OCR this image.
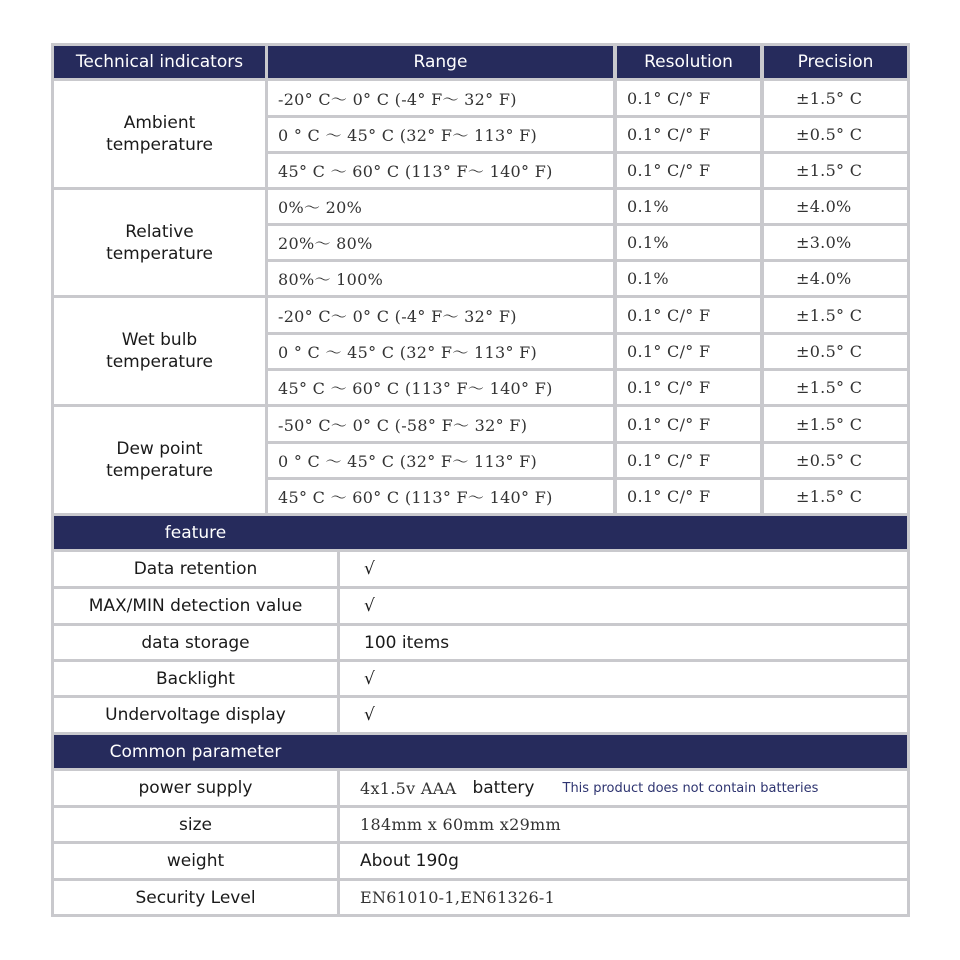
Technical indicators	Range	Resolution	Precision
Ambient
temperature
-20° C～ 0° C (-4° F～ 32° F)	0.1° C/° F	±1.5° C
0 ° C ～ 45° C (32° F～ 113° F)	0.1° C/° F	±0.5° C
45° C ～ 60° C (113° F～ 140° F)	0.1° C/° F	±1.5° C
Relative
temperature
0%～ 20%	0.1%	±4.0%
20%～ 80%	0.1%	±3.0%
80%～ 100%	0.1%	±4.0%
Wet bulb
temperature
-20° C～ 0° C (-4° F～ 32° F)	0.1° C/° F	±1.5° C
0 ° C ～ 45° C (32° F～ 113° F)	0.1° C/° F	±0.5° C
45° C ～ 60° C (113° F～ 140° F)	0.1° C/° F	±1.5° C
Dew point
temperature
-50° C～ 0° C (-58° F～ 32° F)	0.1° C/° F	±1.5° C
0 ° C ～ 45° C (32° F～ 113° F)	0.1° C/° F	±0.5° C
45° C ～ 60° C (113° F～ 140° F)	0.1° C/° F	±1.5° C
feature
Data retention	√
MAX/MIN detection value	√
data storage	100 items
Backlight	√
Undervoltage display	√
Common parameter
power supply	4x1.5v AAA battery This product does not contain batteries
size	184mm x 60mm x29mm
weight	About 190g
Security Level	EN61010-1,EN61326-1
